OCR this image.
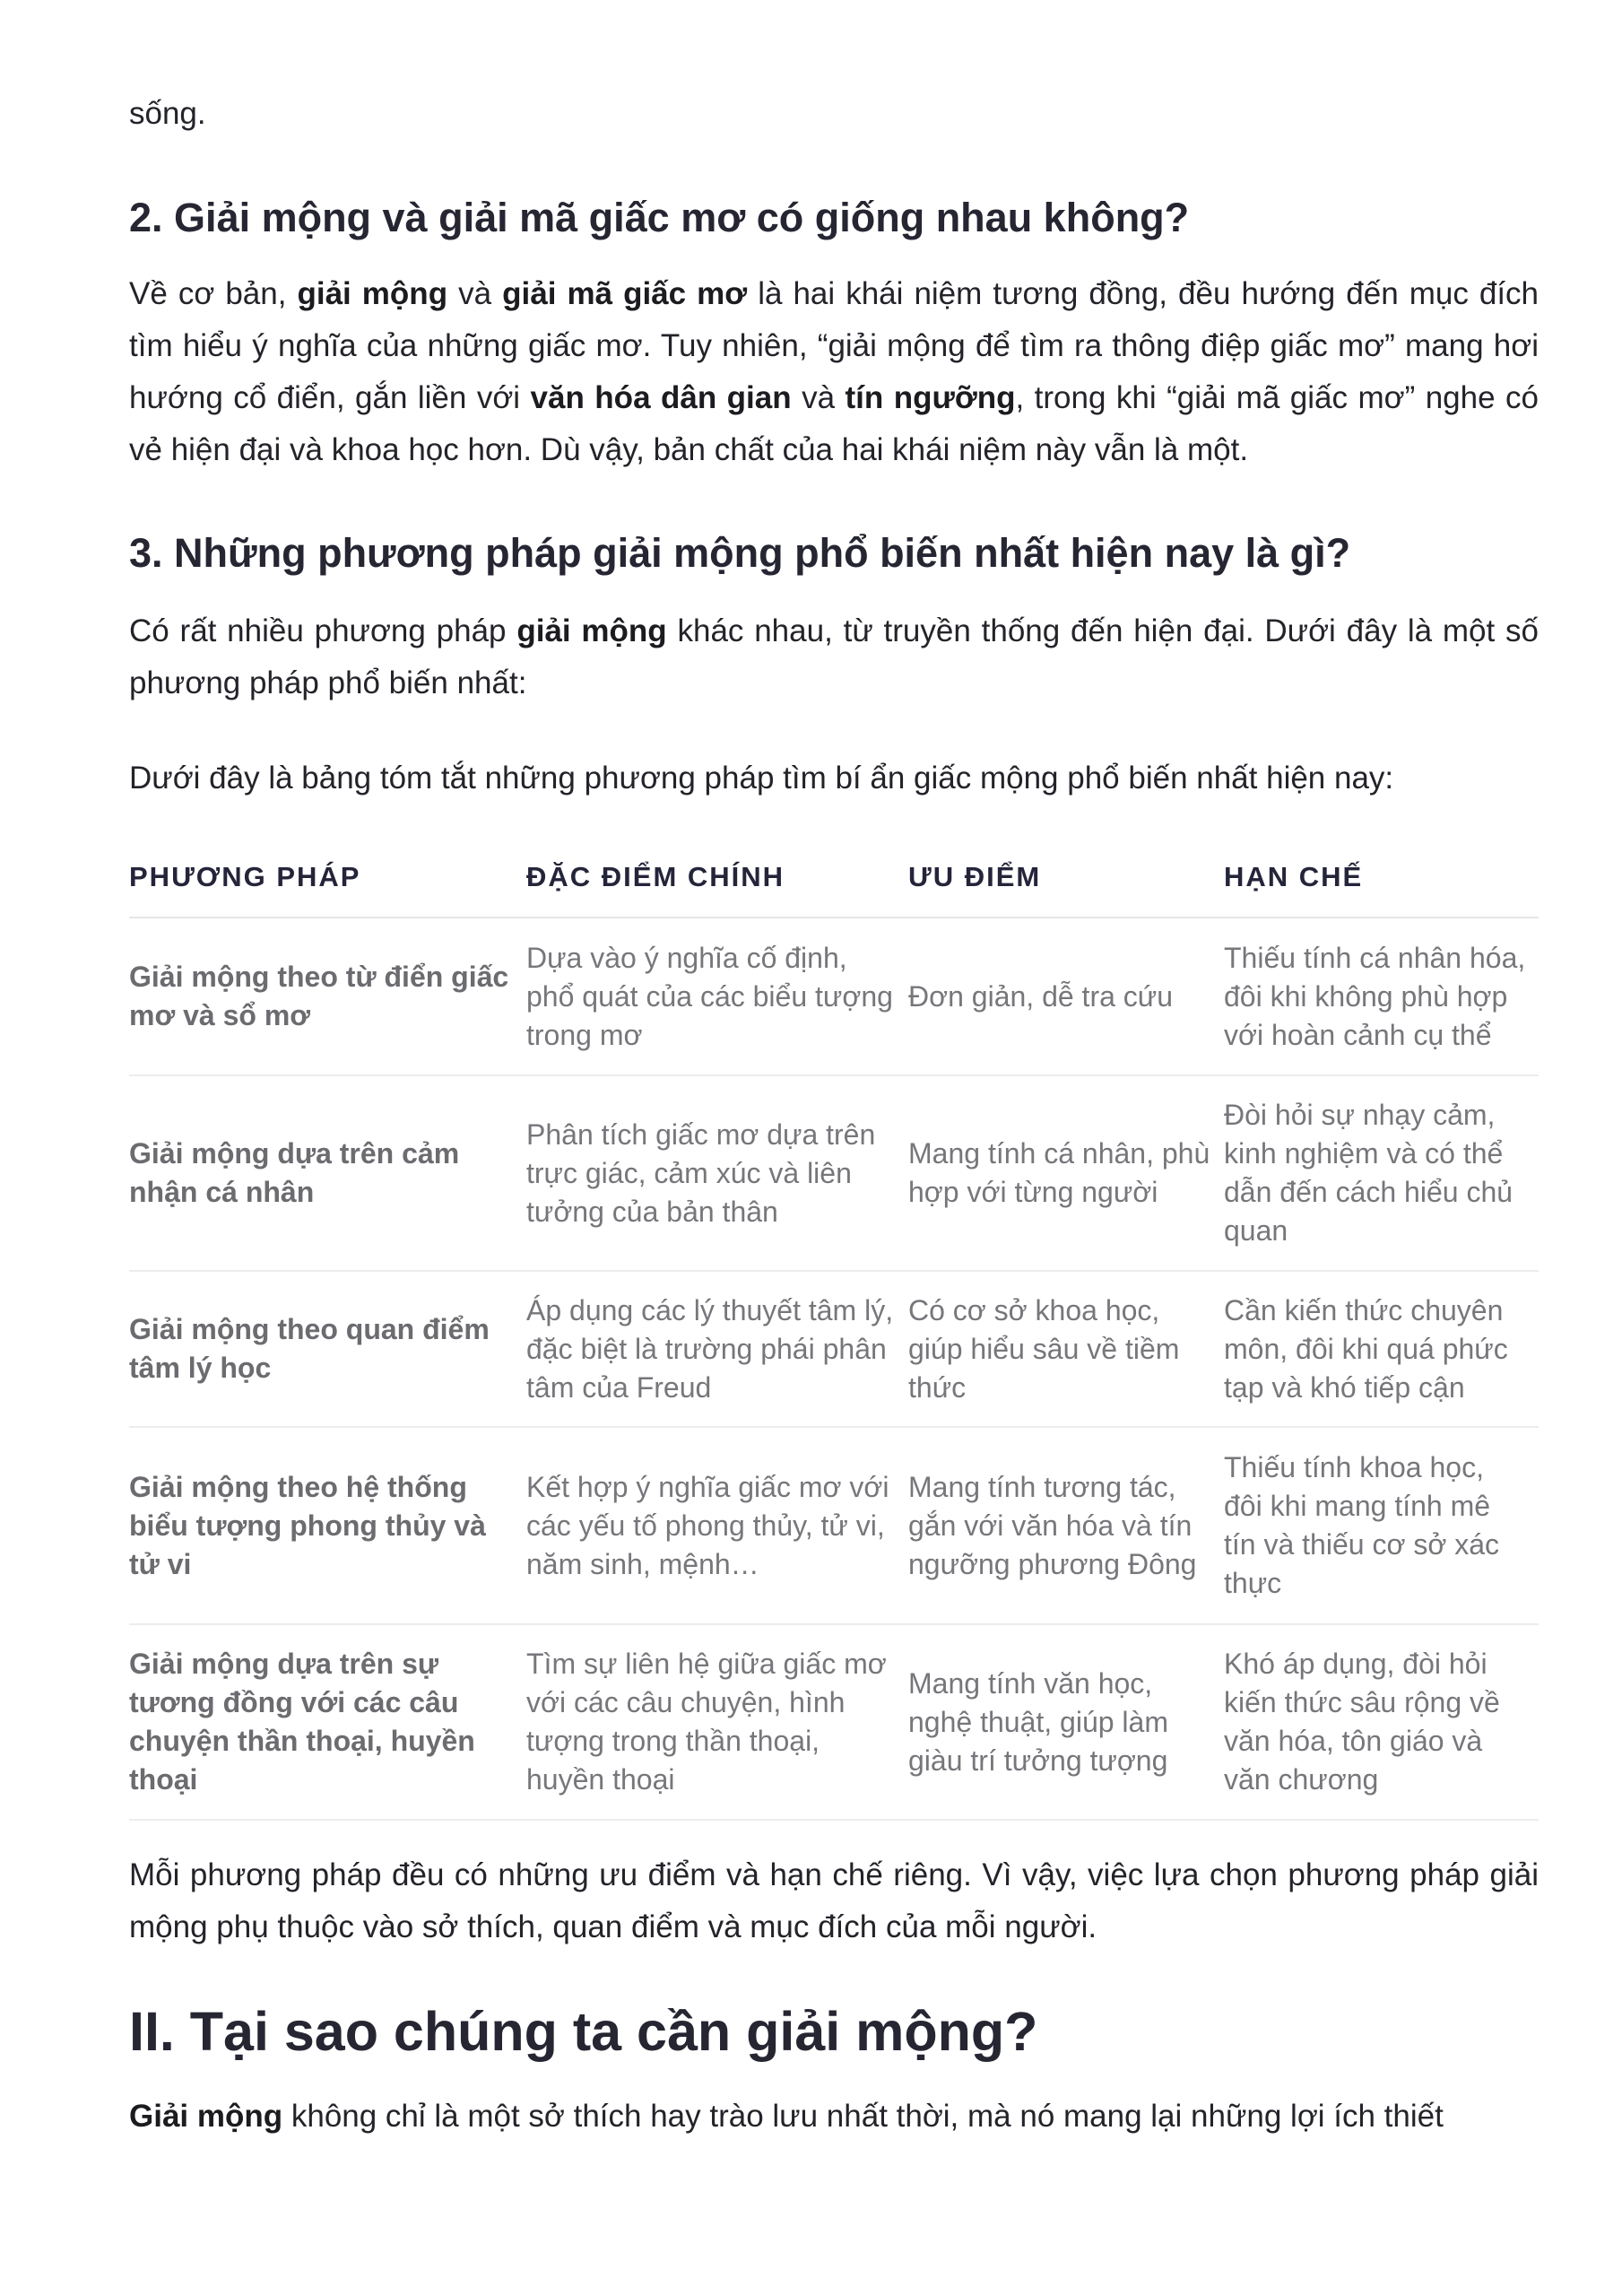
sống.

2. Giải mộng và giải mã giấc mơ có giống nhau không?

Về cơ bản, giải mộng và giải mã giấc mơ là hai khái niệm tương đồng, đều hướng đến mục đích tìm hiểu ý nghĩa của những giấc mơ. Tuy nhiên, “giải mộng để tìm ra thông điệp giấc mơ” mang hơi hướng cổ điển, gắn liền với văn hóa dân gian và tín ngưỡng, trong khi “giải mã giấc mơ” nghe có vẻ hiện đại và khoa học hơn. Dù vậy, bản chất của hai khái niệm này vẫn là một.

3. Những phương pháp giải mộng phổ biến nhất hiện nay là gì?

Có rất nhiều phương pháp giải mộng khác nhau, từ truyền thống đến hiện đại. Dưới đây là một số phương pháp phổ biến nhất:

Dưới đây là bảng tóm tắt những phương pháp tìm bí ẩn giấc mộng phổ biến nhất hiện nay:

PHƯƠNG PHÁP	ĐẶC ĐIỂM CHÍNH	ƯU ĐIỂM	HẠN CHẾ
Giải mộng theo từ điển giấc mơ và sổ mơ	Dựa vào ý nghĩa cố định, phổ quát của các biểu tượng trong mơ	Đơn giản, dễ tra cứu	Thiếu tính cá nhân hóa, đôi khi không phù hợp với hoàn cảnh cụ thể
Giải mộng dựa trên cảm nhận cá nhân	Phân tích giấc mơ dựa trên trực giác, cảm xúc và liên tưởng của bản thân	Mang tính cá nhân, phù hợp với từng người	Đòi hỏi sự nhạy cảm, kinh nghiệm và có thể dẫn đến cách hiểu chủ quan
Giải mộng theo quan điểm tâm lý học	Áp dụng các lý thuyết tâm lý, đặc biệt là trường phái phân tâm của Freud	Có cơ sở khoa học, giúp hiểu sâu về tiềm thức	Cần kiến thức chuyên môn, đôi khi quá phức tạp và khó tiếp cận
Giải mộng theo hệ thống biểu tượng phong thủy và tử vi	Kết hợp ý nghĩa giấc mơ với các yếu tố phong thủy, tử vi, năm sinh, mệnh…	Mang tính tương tác, gắn với văn hóa và tín ngưỡng phương Đông	Thiếu tính khoa học, đôi khi mang tính mê tín và thiếu cơ sở xác thực
Giải mộng dựa trên sự tương đồng với các câu chuyện thần thoại, huyền thoại	Tìm sự liên hệ giữa giấc mơ với các câu chuyện, hình tượng trong thần thoại, huyền thoại	Mang tính văn học, nghệ thuật, giúp làm giàu trí tưởng tượng	Khó áp dụng, đòi hỏi kiến thức sâu rộng về văn hóa, tôn giáo và văn chương

Mỗi phương pháp đều có những ưu điểm và hạn chế riêng. Vì vậy, việc lựa chọn phương pháp giải mộng phụ thuộc vào sở thích, quan điểm và mục đích của mỗi người.

II. Tại sao chúng ta cần giải mộng?

Giải mộng không chỉ là một sở thích hay trào lưu nhất thời, mà nó mang lại những lợi ích thiết
